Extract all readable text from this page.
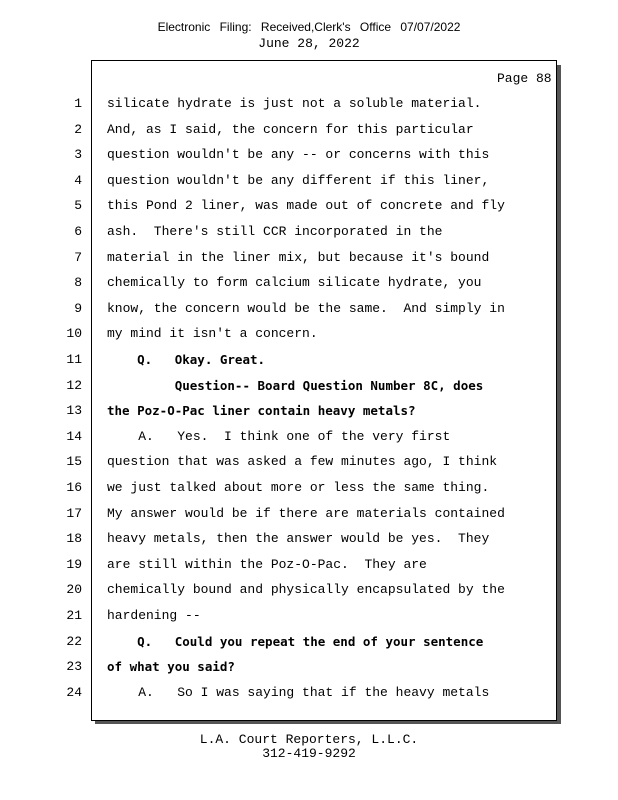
Electronic Filing: Received,Clerk's Office 07/07/2022
June 28, 2022
Page 88
1 silicate hydrate is just not a soluble material.
2 And, as I said, the concern for this particular
3 question wouldn't be any -- or concerns with this
4 question wouldn't be any different if this liner,
5 this Pond 2 liner, was made out of concrete and fly
6 ash.  There's still CCR incorporated in the
7 material in the liner mix, but because it's bound
8 chemically to form calcium silicate hydrate, you
9 know, the concern would be the same.  And simply in
10 my mind it isn't a concern.
11 Q.   Okay. Great.
12 Question-- Board Question Number 8C, does
13 the Poz-O-Pac liner contain heavy metals?
14 A.   Yes.  I think one of the very first
15 question that was asked a few minutes ago, I think
16 we just talked about more or less the same thing.
17 My answer would be if there are materials contained
18 heavy metals, then the answer would be yes.  They
19 are still within the Poz-O-Pac.  They are
20 chemically bound and physically encapsulated by the
21 hardening --
22 Q.   Could you repeat the end of your sentence
23 of what you said?
24 A.   So I was saying that if the heavy metals
L.A. Court Reporters, L.L.C.
312-419-9292
